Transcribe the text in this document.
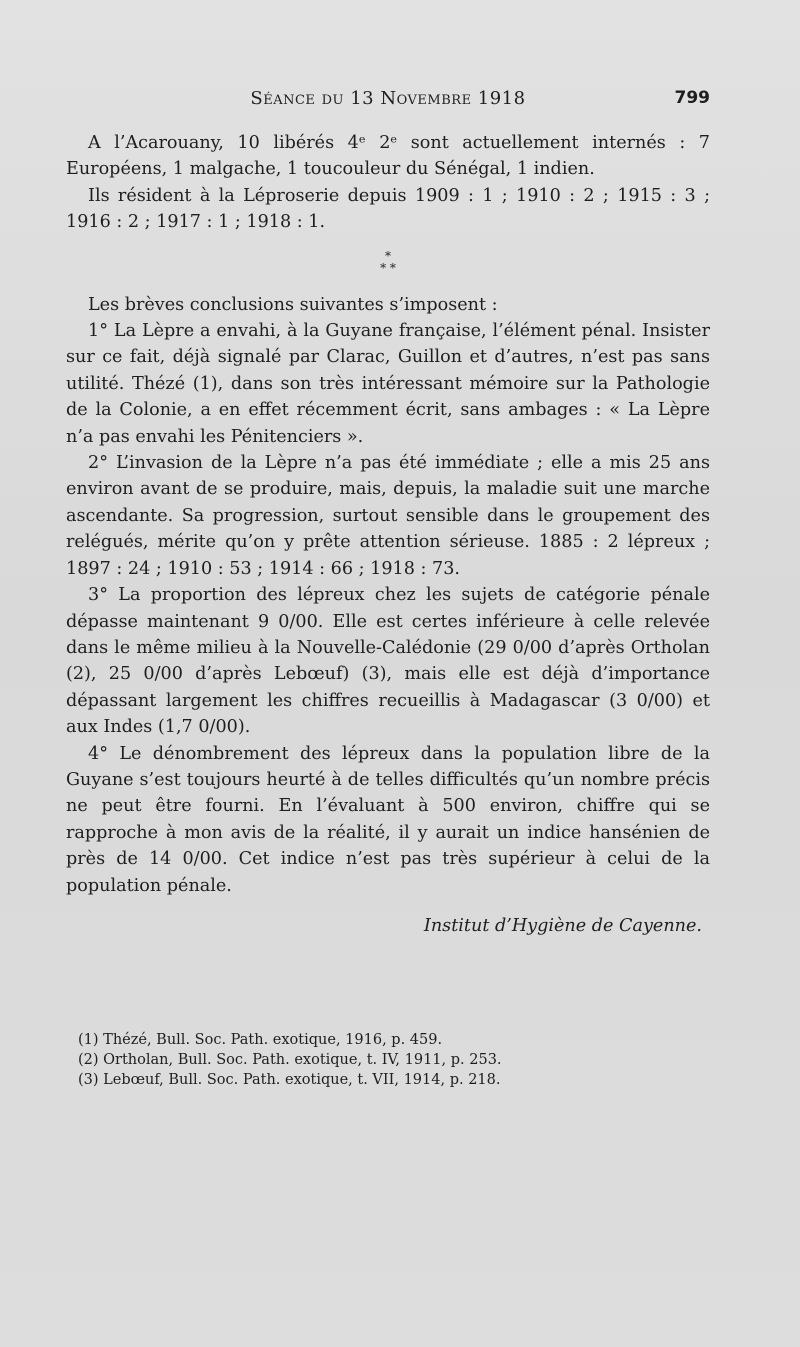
Séance du 13 Novembre 1918	799

A l’Acarouany, 10 libérés 4ᵉ 2ᵉ sont actuellement internés : 7 Européens, 1 malgache, 1 toucouleur du Sénégal, 1 indien.

Ils résident à la Léproserie depuis 1909 : 1 ; 1910 : 2 ; 1915 : 3 ; 1916 : 2 ; 1917 : 1 ; 1918 : 1.

*
* *

Les brèves conclusions suivantes s’imposent :

1° La Lèpre a envahi, à la Guyane française, l’élément pénal. Insister sur ce fait, déjà signalé par Clarac, Guillon et d’autres, n’est pas sans utilité. Thézé (1), dans son très intéressant mémoire sur la Pathologie de la Colonie, a en effet récemment écrit, sans ambages : « La Lèpre n’a pas envahi les Pénitenciers ».

2° L’invasion de la Lèpre n’a pas été immédiate ; elle a mis 25 ans environ avant de se produire, mais, depuis, la maladie suit une marche ascendante. Sa progression, surtout sensible dans le groupement des relégués, mérite qu’on y prête attention sérieuse. 1885 : 2 lépreux ; 1897 : 24 ; 1910 : 53 ; 1914 : 66 ; 1918 : 73.

3° La proportion des lépreux chez les sujets de catégorie pénale dépasse maintenant 9 0/00. Elle est certes inférieure à celle relevée dans le même milieu à la Nouvelle-Calédonie (29 0/00 d’après Ortholan (2), 25 0/00 d’après Lebœuf) (3), mais elle est déjà d’importance dépassant largement les chiffres recueillis à Madagascar (3 0/00) et aux Indes (1,7 0/00).

4° Le dénombrement des lépreux dans la population libre de la Guyane s’est toujours heurté à de telles difficultés qu’un nombre précis ne peut être fourni. En l’évaluant à 500 environ, chiffre qui se rapproche à mon avis de la réalité, il y aurait un indice hansénien de près de 14 0/00. Cet indice n’est pas très supérieur à celui de la population pénale.

Institut d’Hygiène de Cayenne.
(1) Thézé, Bull. Soc. Path. exotique, 1916, p. 459.
(2) Ortholan, Bull. Soc. Path. exotique, t. IV, 1911, p. 253.
(3) Lebœuf, Bull. Soc. Path. exotique, t. VII, 1914, p. 218.
